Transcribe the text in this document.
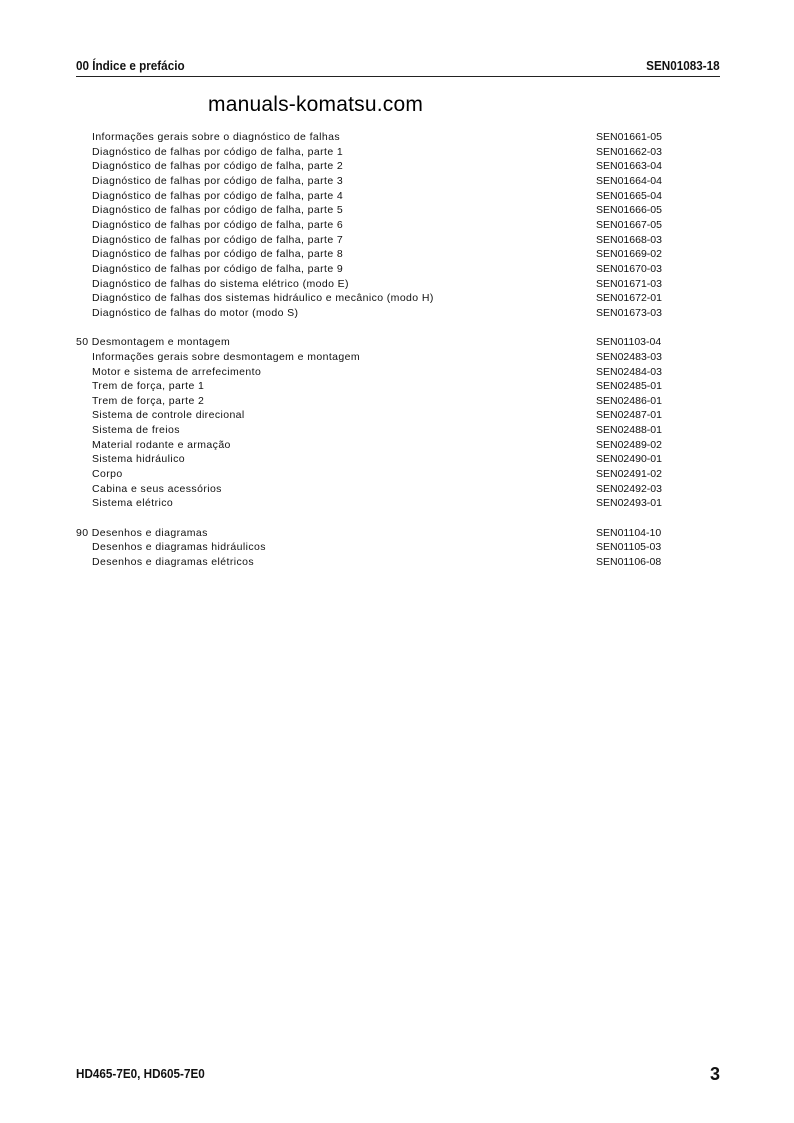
00 Índice e prefácio	SEN01083-18
manuals-komatsu.com
Informações gerais sobre o diagnóstico de falhas	SEN01661-05
Diagnóstico de falhas por código de falha, parte 1	SEN01662-03
Diagnóstico de falhas por código de falha, parte 2	SEN01663-04
Diagnóstico de falhas por código de falha, parte 3	SEN01664-04
Diagnóstico de falhas por código de falha, parte 4	SEN01665-04
Diagnóstico de falhas por código de falha, parte 5	SEN01666-05
Diagnóstico de falhas por código de falha, parte 6	SEN01667-05
Diagnóstico de falhas por código de falha, parte 7	SEN01668-03
Diagnóstico de falhas por código de falha, parte 8	SEN01669-02
Diagnóstico de falhas por código de falha, parte 9	SEN01670-03
Diagnóstico de falhas do sistema elétrico (modo E)	SEN01671-03
Diagnóstico de falhas dos sistemas hidráulico e mecânico (modo H)	SEN01672-01
Diagnóstico de falhas do motor (modo S)	SEN01673-03
50 Desmontagem e montagem	SEN01103-04
Informações gerais sobre desmontagem e montagem	SEN02483-03
Motor e sistema de arrefecimento	SEN02484-03
Trem de força, parte 1	SEN02485-01
Trem de força, parte 2	SEN02486-01
Sistema de controle direcional	SEN02487-01
Sistema de freios	SEN02488-01
Material rodante e armação	SEN02489-02
Sistema hidráulico	SEN02490-01
Corpo	SEN02491-02
Cabina e seus acessórios	SEN02492-03
Sistema elétrico	SEN02493-01
90 Desenhos e diagramas	SEN01104-10
Desenhos e diagramas hidráulicos	SEN01105-03
Desenhos e diagramas elétricos	SEN01106-08
HD465-7E0, HD605-7E0	3
